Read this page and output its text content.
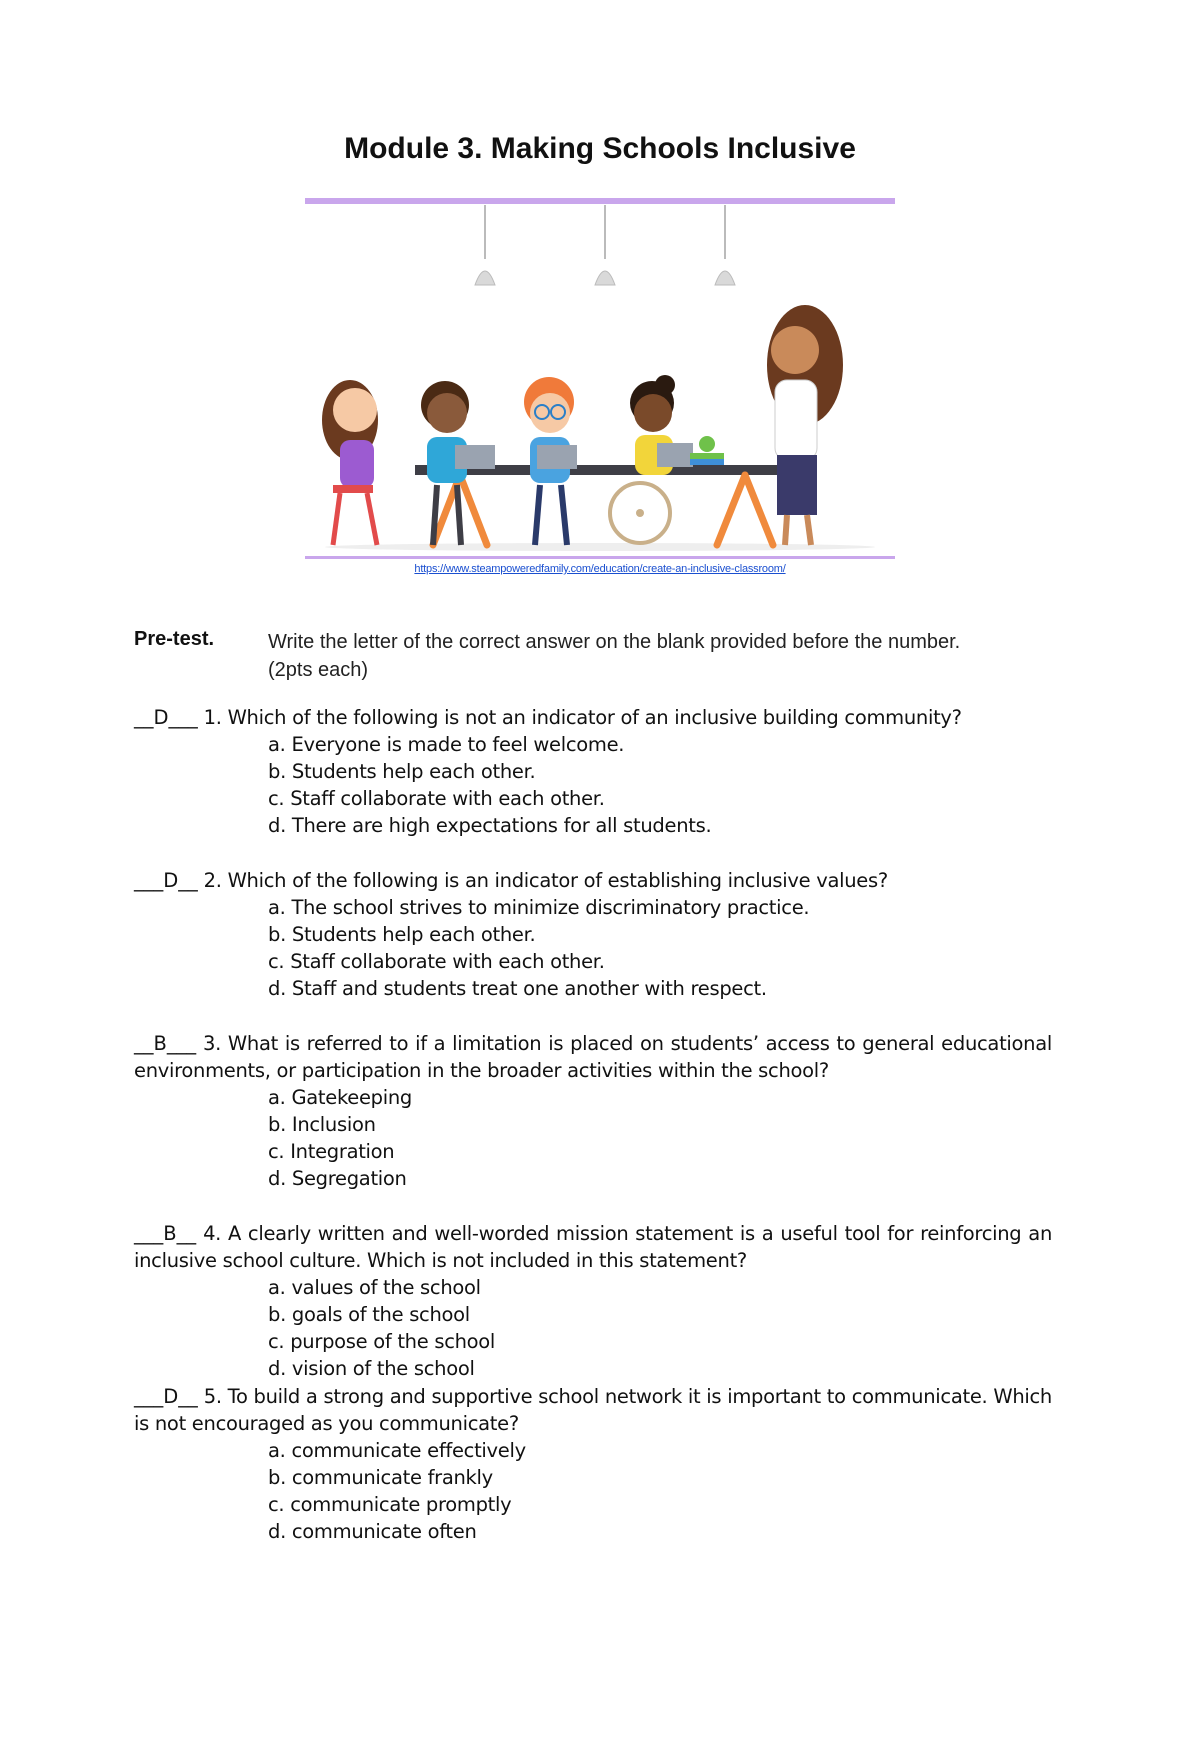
Module 3. Making Schools Inclusive
https://www.steampoweredfamily.com/education/create-an-inclusive-classroom/
Pre-test.	Write the letter of the correct answer on the blank provided before the number.
(2pts each)
__D___ 1. Which of the following is not an indicator of an inclusive building community?
a. Everyone is made to feel welcome.
b. Students help each other.
c. Staff collaborate with each other.
d. There are high expectations for all students.
___D__ 2. Which of the following is an indicator of establishing inclusive values?
a. The school strives to minimize discriminatory practice.
b. Students help each other.
c. Staff collaborate with each other.
d. Staff and students treat one another with respect.
__B___ 3. What is referred to if a limitation is placed on students’ access to general educational environments, or participation in the broader activities within the school?
a. Gatekeeping
b. Inclusion
c. Integration
d. Segregation
___B__ 4. A clearly written and well-worded mission statement is a useful tool for reinforcing an inclusive school culture. Which is not included in this statement?
a. values of the school
b. goals of the school
c. purpose of the school
d. vision of the school
___D__ 5. To build a strong and supportive school network it is important to communicate. Which is not encouraged as you communicate?
a. communicate effectively
b. communicate frankly
c. communicate promptly
d. communicate often
